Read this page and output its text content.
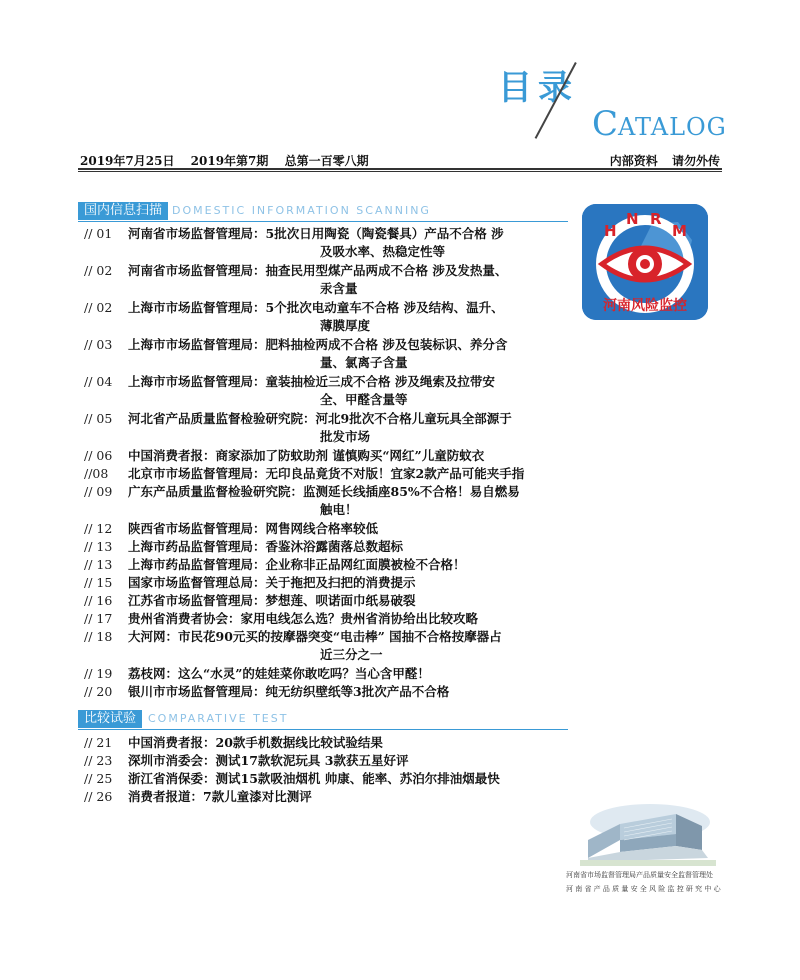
目录
CATALOG
2019年7月25日 2019年第7期 总第一百零八期	内部资料 请勿外传
国内信息扫描 DOMESTIC INFORMATION SCANNING
// 01 河南省市场监督管理局：5批次日用陶瓷（陶瓷餐具）产品不合格 涉
及吸水率、热稳定性等
// 02 河南省市场监督管理局：抽查民用型煤产品两成不合格 涉及发热量、
汞含量
// 02 上海市市场监督管理局：5个批次电动童车不合格 涉及结构、温升、
薄膜厚度
// 03 上海市市场监督管理局：肥料抽检两成不合格 涉及包装标识、养分含
量、氯离子含量
// 04 上海市市场监督管理局：童装抽检近三成不合格 涉及绳索及拉带安
全、甲醛含量等
// 05 河北省产品质量监督检验研究院：河北9批次不合格儿童玩具全部源于
批发市场
// 06 中国消费者报：商家添加了防蚊助剂 谨慎购买“网红”儿童防蚊衣
//08 北京市市场监督管理局：无印良品竟货不对版！宜家2款产品可能夹手指
// 09 广东产品质量监督检验研究院：监测延长线插座85%不合格！易自燃易
触电！
// 12 陕西省市场监督管理局：网售网线合格率较低
// 13 上海市药品监督管理局：香鉴沐浴露菌落总数超标
// 13 上海市药品监督管理局：企业称非正品网红面膜被检不合格！
// 15 国家市场监督管理总局：关于拖把及扫把的消费提示
// 16 江苏省市场监督管理局：梦想莲、呗诺面巾纸易破裂
// 17 贵州省消费者协会：家用电线怎么选？贵州省消协给出比较攻略
// 18 大河网：市民花90元买的按摩器突变“电击棒” 国抽不合格按摩器占
近三分之一
// 19 荔枝网：这么“水灵”的娃娃菜你敢吃吗？当心含甲醛！
// 20 银川市市场监督管理局：纯无纺织壁纸等3批次产品不合格
比较试验	COMPARATIVE TEST
// 21 中国消费者报：20款手机数据线比较试验结果
// 23 深圳市消委会：测试17款软泥玩具 3款获五星好评
// 25 浙江省消保委：测试15款吸油烟机 帅康、能率、苏泊尔排油烟最快
// 26 消费者报道：7款儿童漆对比测评
H
N R
M
河南风险监控
河南省市场监督管理局产品质量安全监督管理处
河 南 省 产 品 质 量 安 全 风 险 监 控 研 究 中 心
